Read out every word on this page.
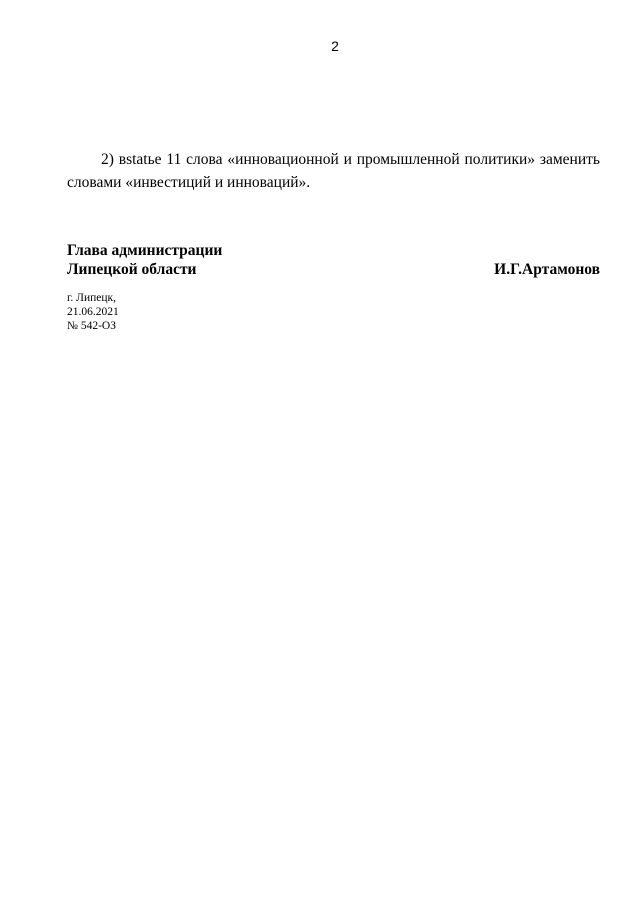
2

2) вstatье 11 слова «инновационной и промышленной политики» заменить словами «инвестиций и инноваций».

Глава администрации
Липецкой области	И.Г.Артамонов
г. Липецк,
21.06.2021
№ 542-ОЗ
